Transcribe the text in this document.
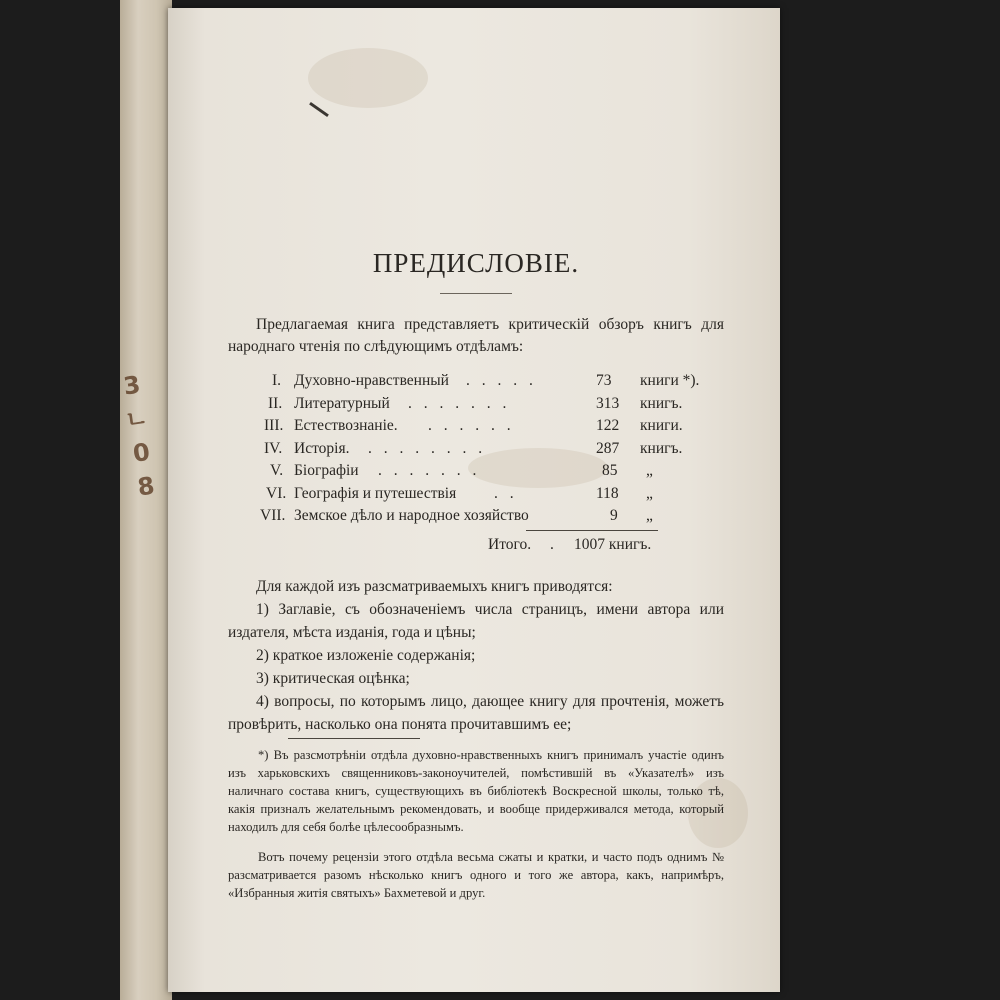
3
ㄴ
0
8
ПРЕДИСЛОВІЕ.
Предлагаемая книга представляетъ критическій обзоръ книгъ для народнаго чтенія по слѣдующимъ отдѣламъ:
I. Духовно-нравственный . . . . .	73 книги *).
II. Литературный . . . . . . .	313 книгъ.
III. Естествознаніе. . . . . . .	122 книги.
IV. Исторія. . . . . . . . .	287 книгъ.
V. Біографіи . . . . . . .	85 „
VI. Географія и путешествія . .	118 „
VII. Земское дѣло и народное хозяйство	9 „
Итого. . 1007 книгъ.
Для каждой изъ разсматриваемыхъ книгъ приводятся:
1) Заглавіе, съ обозначеніемъ числа страницъ, имени автора или издателя, мѣста изданія, года и цѣны;
2) краткое изложеніе содержанія;
3) критическая оцѣнка;
4) вопросы, по которымъ лицо, дающее книгу для прочтенія, можетъ провѣрить, насколько она понята прочитавшимъ ее;
*) Въ разсмотрѣніи отдѣла духовно-нравственныхъ книгъ принималъ участіе одинъ изъ харьковскихъ священниковъ-законоучителей, помѣстившій въ «Указателѣ» изъ наличнаго состава книгъ, существующихъ въ библіотекѣ Воскресной школы, только тѣ, какія призналъ желательнымъ рекомендовать, и вообще придерживался метода, который находилъ для себя болѣе цѣлесообразнымъ.
Вотъ почему рецензіи этого отдѣла весьма сжаты и кратки, и часто подъ однимъ № разсматривается разомъ нѣсколько книгъ одного и того же автора, какъ, напримѣръ, «Избранныя житія святыхъ» Бахметевой и друг.
